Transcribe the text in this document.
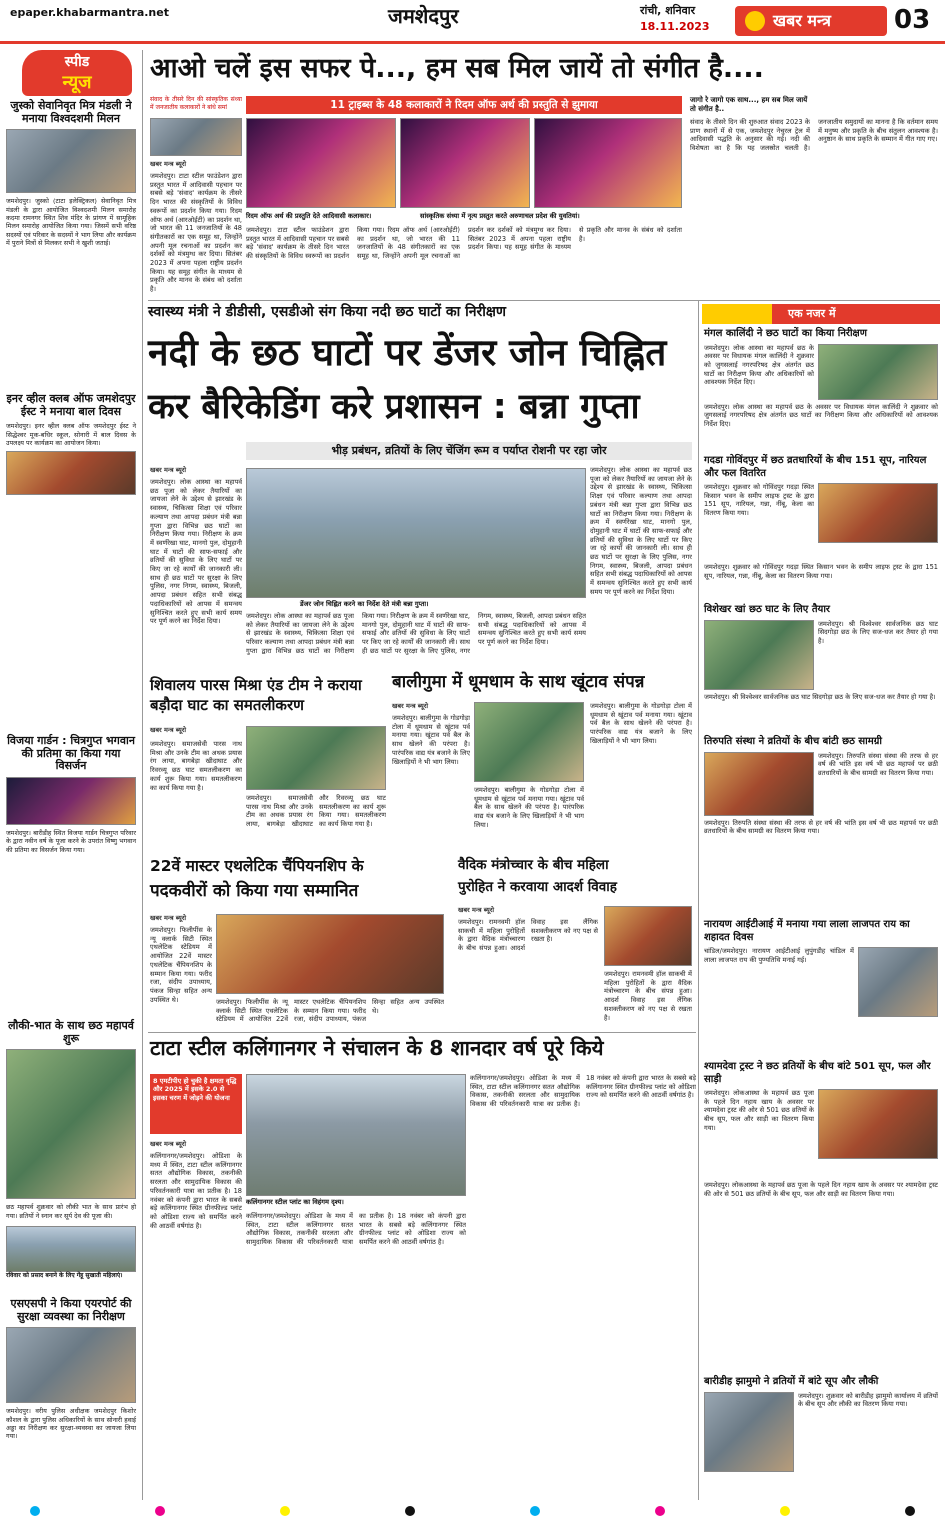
epaper.khabarmantra.net	जमशेदपुर	रांची, शनिवार
18.11.2023	खबर मन्त्र 03
स्पीड
न्यूज
जुस्को सेवानिवृत मित्र मंडली ने मनाया विश्वदशमी मिलन
जमशेदपुर। जुस्को (टाटा इलेक्ट्रिकल) सेवानिवृत मित्र मंडली के द्वारा आयोजित विश्वदशमी मिलन समारोह कदमा रामनगर स्थित शिव मंदिर के प्रांगण में सामूहिक मिलन समारोह आयोजित किया गया। जिसमें सभी वरिष्ठ सदस्यों एवं परिवार के सदस्यों ने भाग लिया और कार्यक्रम में पुराने मित्रों से मिलकर सभी ने खुशी जताई।
इनर व्हील क्लब ऑफ जमशेदपुर ईस्ट ने मनाया बाल दिवस
जमशेदपुर। इनर व्हील क्लब ऑफ जमशेदपुर ईस्ट ने सिद्धेश्वर मूक-बधिर स्कूल, सोनारी में बाल दिवस के उपलक्ष्य पर कार्यक्रम का आयोजन किया।
विजया गार्डन : चित्रगुप्त भगवान की प्रतिमा का किया गया विसर्जन
जमशेदपुर। बारीडीह स्थित विजया गार्डन चित्रगुप्त परिवार के द्वारा नवीन वर्ष के पूजा करने के उपरांत विष्णु भगवान की प्रतिमा का विसर्जन किया गया।
लौकी-भात के साथ छठ महापर्व शुरू
छठ महापर्व शुक्रवार को लौकी भात के साथ प्रारंभ हो गया। व्रतियों ने स्नान कर सूर्य देव की पूजा की।
रविवार को प्रसाद बनाने के लिए गेंहू सुखाती महिलाएं।
एसएसपी ने किया एयरपोर्ट की सुरक्षा व्यवस्था का निरीक्षण
जमशेदपुर। वरीय पुलिस अधीक्षक जमशेदपुर किशोर कौशल के द्वारा पुलिस अधिकारियों के साथ सोनारी हवाई अड्डा का निरीक्षण कर सुरक्षा-व्यवस्था का जायजा लिया गया।
आओ चलें इस सफर पे..., हम सब मिल जायें तो संगीत है....
संवाद के तीसरे दिन की सांस्कृतिक संध्या में जनजातीय कलाकारों ने बांधे समां	11 ट्राइब्स के 48 कलाकारों ने रिदम ऑफ अर्थ की प्रस्तुति से झुमाया
रिदम ऑफ अर्थ की प्रस्तुति देते आदिवासी कलाकार।	सांस्कृतिक संध्या में नृत्य प्रस्तुत करते अरुणाचल प्रदेश की युवतियां।
खबर मन्त्र ब्यूरो
जमशेदपुर। टाटा स्टील फाउंडेशन द्वारा प्रस्तुत भारत में आदिवासी पहचान पर सबसे बड़े 'संवाद' कार्यक्रम के तीसरे दिन भारत की संस्कृतियों के विविध स्वरूपों का प्रदर्शन किया गया। रिदम ऑफ अर्थ (आरओईटी) का प्रदर्शन था, जो भारत की 11 जनजातियों के 48 संगीतकारों का एक समूह था, जिन्होंने अपनी मूल रचनाओं का प्रदर्शन कर दर्शकों को मंत्रमुग्ध कर दिया। सितंबर 2023 में अपना पहला राष्ट्रीय प्रदर्शन किया। यह समूह संगीत के माध्यम से प्रकृति और मानव के संबंध को दर्शाता है।
जमशेदपुर। टाटा स्टील फाउंडेशन द्वारा प्रस्तुत भारत में आदिवासी पहचान पर सबसे बड़े 'संवाद' कार्यक्रम के तीसरे दिन भारत की संस्कृतियों के विविध स्वरूपों का प्रदर्शन किया गया। रिदम ऑफ अर्थ (आरओईटी) का प्रदर्शन था, जो भारत की 11 जनजातियों के 48 संगीतकारों का एक समूह था, जिन्होंने अपनी मूल रचनाओं का प्रदर्शन कर दर्शकों को मंत्रमुग्ध कर दिया। सितंबर 2023 में अपना पहला राष्ट्रीय प्रदर्शन किया। यह समूह संगीत के माध्यम से प्रकृति और मानव के संबंध को दर्शाता है।
जागो रे जागो एक साथ..., हम सब मिल जायें तो संगीत है..
संवाद के तीसरे दिन की शुरुआत संवाद 2023 के प्राण स्थानों में से एक, जमशेदपुर नेचुरल ट्रेल में आदिवासी पद्धति के अनुसार की गई। नदी की विशेषता का है कि यह जलस्रोत चलती है। जनजातीय समुदायों का मानना है कि वर्तमान समय में मनुष्य और प्रकृति के बीच संतुलन आवश्यक है। अनुष्ठान के साथ प्रकृति के सम्मान में गीत गाए गए।
स्वास्थ्य मंत्री ने डीडीसी, एसडीओ संग किया नदी छठ घाटों का निरीक्षण
नदी के छठ घाटों पर डेंजर जोन चिह्नित
कर बैरिकेडिंग करे प्रशासन : बन्ना गुप्ता
भीड़ प्रबंधन, व्रतियों के लिए चेंजिंग रूम व पर्याप्त रोशनी पर रहा जोर
खबर मन्त्र ब्यूरो
जमशेदपुर। लोक आस्था का महापर्व छठ पूजा को लेकर तैयारियों का जायजा लेने के उद्देश्य से झारखंड के स्वास्थ्य, चिकित्सा शिक्षा एवं परिवार कल्याण तथा आपदा प्रबंधन मंत्री बन्ना गुप्ता द्वारा विभिन्न छठ घाटों का निरीक्षण किया गया। निरीक्षण के क्रम में स्वर्णरेखा घाट, मानगो पुल, दोमुहानी घाट में घाटों की साफ-सफाई और व्रतियों की सुविधा के लिए घाटों पर किए जा रहे कार्यों की जानकारी ली। साथ ही छठ घाटों पर सुरक्षा के लिए पुलिस, नगर निगम, स्वास्थ्य, बिजली, आपदा प्रबंधन सहित सभी संबद्ध पदाधिकारियों को आपस में समन्वय सुनिश्चित करते हुए सभी कार्य समय पर पूर्ण करने का निर्देश दिया।
डेंजर जोन चिह्नित करने का निर्देश देते मंत्री बन्ना गुप्ता।
जमशेदपुर। लोक आस्था का महापर्व छठ पूजा को लेकर तैयारियों का जायजा लेने के उद्देश्य से झारखंड के स्वास्थ्य, चिकित्सा शिक्षा एवं परिवार कल्याण तथा आपदा प्रबंधन मंत्री बन्ना गुप्ता द्वारा विभिन्न छठ घाटों का निरीक्षण किया गया। निरीक्षण के क्रम में स्वर्णरेखा घाट, मानगो पुल, दोमुहानी घाट में घाटों की साफ-सफाई और व्रतियों की सुविधा के लिए घाटों पर किए जा रहे कार्यों की जानकारी ली। साथ ही छठ घाटों पर सुरक्षा के लिए पुलिस, नगर निगम, स्वास्थ्य, बिजली, आपदा प्रबंधन सहित सभी संबद्ध पदाधिकारियों को आपस में समन्वय सुनिश्चित करते हुए सभी कार्य समय पर पूर्ण करने का निर्देश दिया।
जमशेदपुर। लोक आस्था का महापर्व छठ पूजा को लेकर तैयारियों का जायजा लेने के उद्देश्य से झारखंड के स्वास्थ्य, चिकित्सा शिक्षा एवं परिवार कल्याण तथा आपदा प्रबंधन मंत्री बन्ना गुप्ता द्वारा विभिन्न छठ घाटों का निरीक्षण किया गया। निरीक्षण के क्रम में स्वर्णरेखा घाट, मानगो पुल, दोमुहानी घाट में घाटों की साफ-सफाई और व्रतियों की सुविधा के लिए घाटों पर किए जा रहे कार्यों की जानकारी ली। साथ ही छठ घाटों पर सुरक्षा के लिए पुलिस, नगर निगम, स्वास्थ्य, बिजली, आपदा प्रबंधन सहित सभी संबद्ध पदाधिकारियों को आपस में समन्वय सुनिश्चित करते हुए सभी कार्य समय पर पूर्ण करने का निर्देश दिया।
शिवालय पारस मिश्रा एंड टीम ने कराया बड़ौदा घाट का समतलीकरण
खबर मन्त्र ब्यूरो
जमशेदपुर। समाजसेवी पारस नाथ मिश्रा और उनके टीम का अथक प्रयास रंग लाया, बागबेड़ा खीदाघाट और रिवरव्यू छठ घाट समतलीकरण का कार्य शुरू किया गया। समतलीकरण का कार्य किया गया है।
जमशेदपुर। समाजसेवी पारस नाथ मिश्रा और उनके टीम का अथक प्रयास रंग लाया, बागबेड़ा खीदाघाट और रिवरव्यू छठ घाट समतलीकरण का कार्य शुरू किया गया। समतलीकरण का कार्य किया गया है।
बालीगुमा में धूमधाम के साथ खूंटाव संपन्न
खबर मन्त्र ब्यूरो
जमशेदपुर। बालीगुमा के गोडगोड़ा टोला में धूमधाम से खूंटाव पर्व मनाया गया। खूंटाव पर्व बैल के साथ खेलने की परंपरा है। पारंपरिक वाद्य यंत्र बजाने के लिए खिलाड़ियों ने भी भाग लिया।
जमशेदपुर। बालीगुमा के गोडगोड़ा टोला में धूमधाम से खूंटाव पर्व मनाया गया। खूंटाव पर्व बैल के साथ खेलने की परंपरा है। पारंपरिक वाद्य यंत्र बजाने के लिए खिलाड़ियों ने भी भाग लिया।
जमशेदपुर। बालीगुमा के गोडगोड़ा टोला में धूमधाम से खूंटाव पर्व मनाया गया। खूंटाव पर्व बैल के साथ खेलने की परंपरा है। पारंपरिक वाद्य यंत्र बजाने के लिए खिलाड़ियों ने भी भाग लिया।
22वें मास्टर एथलेटिक चैंपियनशिप के
पदकवीरों को किया गया सम्मानित
खबर मन्त्र ब्यूरो
जमशेदपुर। फिलीपींस के न्यू क्लार्क सिटी स्थित एथलेटिक स्टेडियम में आयोजित 22वें मास्टर एथलेटिक चैंपियनशिप के सम्मान किया गया। फरीद रजा, संदीप उपाध्याय, पंकज सिन्हा सहित अन्य उपस्थित थे।	जमशेदपुर। फिलीपींस के न्यू क्लार्क सिटी स्थित एथलेटिक स्टेडियम में आयोजित 22वें मास्टर एथलेटिक चैंपियनशिप के सम्मान किया गया। फरीद रजा, संदीप उपाध्याय, पंकज सिन्हा सहित अन्य उपस्थित थे।
वैदिक मंत्रोच्चार के बीच महिला
पुरोहित ने करवाया आदर्श विवाह
खबर मन्त्र ब्यूरो
जमशेदपुर। रामनवमी हॉल साकची में महिला पुरोहितों के द्वारा वैदिक मंत्रोच्चारण के बीच संपन्न हुआ। आदर्श विवाह इस लैंगिक सशक्तीकरण को नए पक्ष से रखता है।
जमशेदपुर। रामनवमी हॉल साकची में महिला पुरोहितों के द्वारा वैदिक मंत्रोच्चारण के बीच संपन्न हुआ। आदर्श विवाह इस लैंगिक सशक्तीकरण को नए पक्ष से रखता है।
टाटा स्टील कलिंगानगर ने संचालन के 8 शानदार वर्ष पूरे किये
8 एमटीपीए हो चुकी है क्षमता वृद्धि और 2025 में इसके 2.0 से इसका चरण में जोड़ने की योजना
कलिंगानगर स्टील प्लांट का विहंगम दृश्य।
खबर मन्त्र ब्यूरो
कलिंगानगर/जमशेदपुर। ओडिशा के मध्य में स्थित, टाटा स्टील कलिंगानगर सतत औद्योगिक विकास, तकनीकी सरलता और सामुदायिक विकास की परिवर्तनकारी यात्रा का प्रतीक है। 18 नवंबर को कंपनी द्वारा भारत के सबसे बड़े कलिंगानगर स्थित ग्रीनफील्ड प्लांट को ओडिशा राज्य को समर्पित करने की आठवीं वर्षगांठ है।
कलिंगानगर/जमशेदपुर। ओडिशा के मध्य में स्थित, टाटा स्टील कलिंगानगर सतत औद्योगिक विकास, तकनीकी सरलता और सामुदायिक विकास की परिवर्तनकारी यात्रा का प्रतीक है। 18 नवंबर को कंपनी द्वारा भारत के सबसे बड़े कलिंगानगर स्थित ग्रीनफील्ड प्लांट को ओडिशा राज्य को समर्पित करने की आठवीं वर्षगांठ है।
कलिंगानगर/जमशेदपुर। ओडिशा के मध्य में स्थित, टाटा स्टील कलिंगानगर सतत औद्योगिक विकास, तकनीकी सरलता और सामुदायिक विकास की परिवर्तनकारी यात्रा का प्रतीक है। 18 नवंबर को कंपनी द्वारा भारत के सबसे बड़े कलिंगानगर स्थित ग्रीनफील्ड प्लांट को ओडिशा राज्य को समर्पित करने की आठवीं वर्षगांठ है।
एक नजर में
मंगल कालिंदी ने छठ घाटों का किया निरीक्षण
जमशेदपुर। लोक आस्था का महापर्व छठ के अवसर पर विधायक मंगल कालिंदी ने शुक्रवार को जुगसलाई नगरपरिषद क्षेत्र अंतर्गत छठ घाटों का निरीक्षण किया और अधिकारियों को आवश्यक निर्देश दिए।
जमशेदपुर। लोक आस्था का महापर्व छठ के अवसर पर विधायक मंगल कालिंदी ने शुक्रवार को जुगसलाई नगरपरिषद क्षेत्र अंतर्गत छठ घाटों का निरीक्षण किया और अधिकारियों को आवश्यक निर्देश दिए।
गदडा गोविंदपुर में छठ व्रतधारियों के बीच 151 सूप, नारियल और फल वितरित
जमशेदपुर। शुक्रवार को गोविंदपुर गदड़ा स्थित किसान भवन के समीप लाइफ ट्रस्ट के द्वारा 151 सूप, नारियल, गन्ना, नींबू, केला का वितरण किया गया।
जमशेदपुर। शुक्रवार को गोविंदपुर गदड़ा स्थित किसान भवन के समीप लाइफ ट्रस्ट के द्वारा 151 सूप, नारियल, गन्ना, नींबू, केला का वितरण किया गया।
विशेखर खां छठ घाट के लिए तैयार
जमशेदपुर। श्री विश्वेश्वर सार्वजनिक छठ घाट सिदगोड़ा छठ के लिए सज-धज कर तैयार हो गया है।
जमशेदपुर। श्री विश्वेश्वर सार्वजनिक छठ घाट सिदगोड़ा छठ के लिए सज-धज कर तैयार हो गया है।
तिरुपति संस्था ने व्रतियों के बीच बांटी छठ सामग्री
जमशेदपुर। तिरुपति संस्था संस्था की तरफ से हर वर्ष की भांति इस वर्ष भी छठ महापर्व पर छठी व्रतधारियों के बीच सामग्री का वितरण किया गया।
जमशेदपुर। तिरुपति संस्था संस्था की तरफ से हर वर्ष की भांति इस वर्ष भी छठ महापर्व पर छठी व्रतधारियों के बीच सामग्री का वितरण किया गया।
नारायण आईटीआई में मनाया गया लाला लाजपत राय का शहादत दिवस
चांडिल/जमशेदपुर। नारायण आईटीआई लुपुंगडीह चांडिल में लाला लाजपत राय की पुण्यतिथि मनाई गई।
श्यामदेवा ट्रस्ट ने छठ व्रतियों के बीच बांटे 501 सूप, फल और साड़ी
जमशेदपुर। लोकआस्था के महापर्व छठ पूजा के पहले दिन नहाय खाय के अवसर पर श्यामदेवा ट्रस्ट की ओर से 501 छठ व्रतियों के बीच सूप, फल और साड़ी का वितरण किया गया।
जमशेदपुर। लोकआस्था के महापर्व छठ पूजा के पहले दिन नहाय खाय के अवसर पर श्यामदेवा ट्रस्ट की ओर से 501 छठ व्रतियों के बीच सूप, फल और साड़ी का वितरण किया गया।
बारीडीह झामुमो ने व्रतियों में बांटे सूप और लौकी
जमशेदपुर। शुक्रवार को बारीडीह झामुमो कार्यालय में व्रतियों के बीच सूप और लौकी का वितरण किया गया।
